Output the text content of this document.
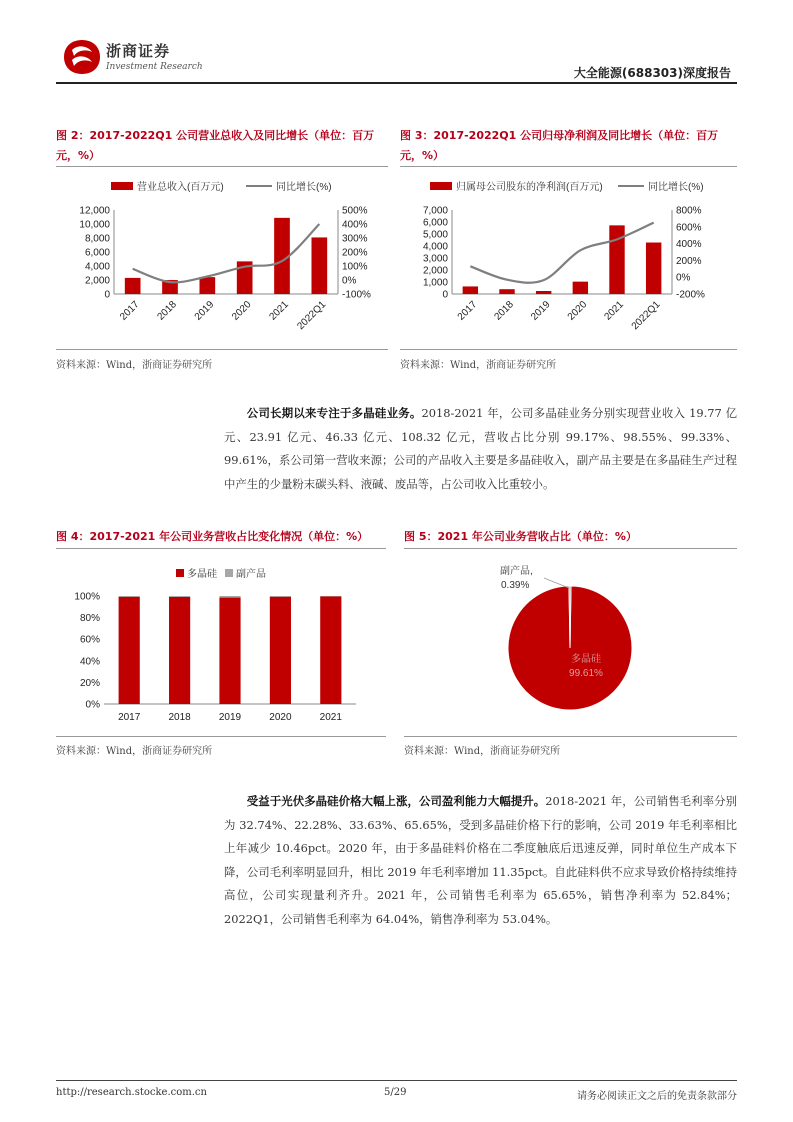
浙商证券
Investment Research	大全能源(688303)深度报告
图 2：2017-2022Q1 公司营业总收入及同比增长（单位：百万
元，%）
营业总收入(百万元)	同比增长(%)
0
2,000
4,000
6,000
8,000
10,000
12,000
-100%
0%
100%
200%
300%
400%
500%
2017 2018 2019 2020 2021 2022Q1
资料来源：Wind，浙商证券研究所
图 3：2017-2022Q1 公司归母净利润及同比增长（单位：百万
元，%）
归属母公司股东的净利润(百万元)	同比增长(%)
0
1,000
2,000
3,000
4,000
5,000
6,000
7,000
-200%
0%
200%
400%
600%
800%
2017 2018 2019 2020 2021 2022Q1
资料来源：Wind，浙商证券研究所
公司长期以来专注于多晶硅业务。2018-2021 年，公司多晶硅业务分别实现营业收入 19.77 亿元、23.91 亿元、46.33 亿元、108.32 亿元，营收占比分别 99.17%、98.55%、99.33%、99.61%，系公司第一营收来源；公司的产品收入主要是多晶硅收入，副产品主要是在多晶硅生产过程中产生的少量粉末碳头料、液碱、废品等，占公司收入比重较小。
图 4：2017-2021 年公司业务营收占比变化情况（单位：%）
多晶硅 副产品
0%
20%
40%
60%
80%
100%
2017	2018	2019	2020	2021
资料来源：Wind，浙商证券研究所
图 5：2021 年公司业务营收占比（单位：%）
多晶硅
99.61%
副产品,
0.39%
资料来源：Wind，浙商证券研究所
受益于光伏多晶硅价格大幅上涨，公司盈利能力大幅提升。2018-2021 年，公司销售毛利率分别为 32.74%、22.28%、33.63%、65.65%，受到多晶硅价格下行的影响，公司 2019 年毛利率相比上年减少 10.46pct。2020 年，由于多晶硅料价格在二季度触底后迅速反弹，同时单位生产成本下降，公司毛利率明显回升，相比 2019 年毛利率增加 11.35pct。自此硅料供不应求导致价格持续维持高位，公司实现量利齐升。2021 年，公司销售毛利率为 65.65%，销售净利率为 52.84%；2022Q1，公司销售毛利率为 64.04%，销售净利率为 53.04%。
http://research.stocke.com.cn	5/29	请务必阅读正文之后的免责条款部分
